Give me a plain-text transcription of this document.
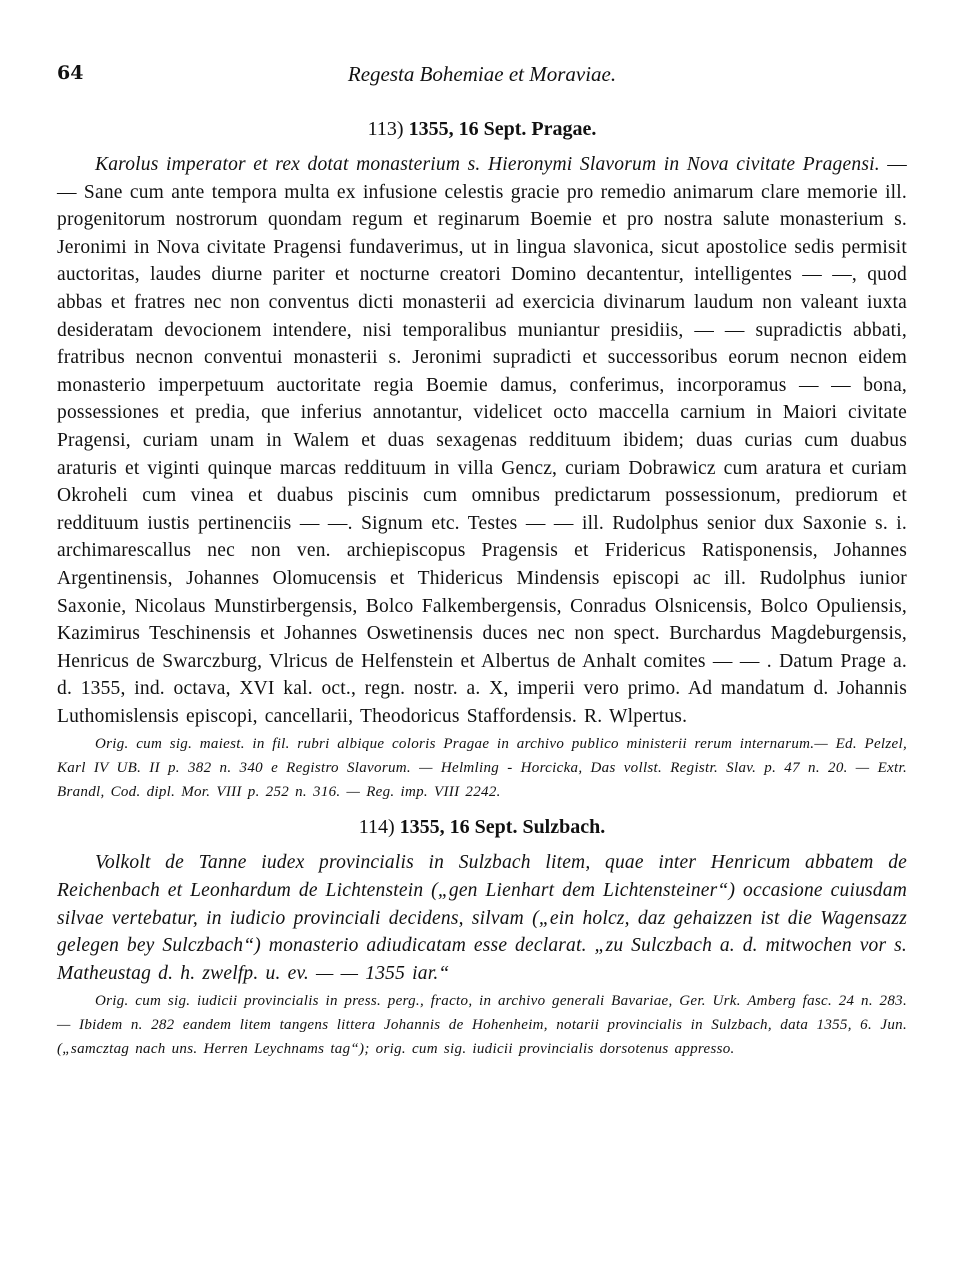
64	Regesta Bohemiae et Moraviae.
113) 1355, 16 Sept. Pragae.

Karolus imperator et rex dotat monasterium s. Hieronymi Slavorum in Nova civitate Pragensi. — — Sane cum ante tempora multa ex infusione celestis gracie pro remedio animarum clare memorie ill. progenitorum nostrorum quondam regum et reginarum Boemie et pro nostra salute monasterium s. Jeronimi in Nova civitate Pragensi fundaverimus, ut in lingua slavonica, sicut apostolice sedis permisit auctoritas, laudes diurne pariter et nocturne creatori Domino decantentur, intelligentes — —, quod abbas et fratres nec non conventus dicti monasterii ad exercicia divinarum laudum non valeant iuxta desideratam devocionem intendere, nisi temporalibus muniantur presidiis, — — supradictis abbati, fratribus necnon conventui monasterii s. Jeronimi supradicti et successoribus eorum necnon eidem monasterio imperpetuum auctoritate regia Boemie damus, conferimus, incorporamus — — bona, possessiones et predia, que inferius annotantur, videlicet octo maccella carnium in Maiori civitate Pragensi, curiam unam in Walem et duas sexagenas reddituum ibidem; duas curias cum duabus araturis et viginti quinque marcas reddituum in villa Gencz, curiam Dobrawicz cum aratura et curiam Okroheli cum vinea et duabus piscinis cum omnibus predictarum possessionum, prediorum et reddituum iustis pertinenciis — —. Signum etc. Testes — — ill. Rudolphus senior dux Saxonie s. i. archimarescallus nec non ven. archiepiscopus Pragensis et Fridericus Ratisponensis, Johannes Argentinensis, Johannes Olomucensis et Thidericus Mindensis episcopi ac ill. Rudolphus iunior Saxonie, Nicolaus Munstirbergensis, Bolco Falkembergensis, Conradus Olsnicensis, Bolco Opuliensis, Kazimirus Teschinensis et Johannes Oswetinensis duces nec non spect. Burchardus Magdeburgensis, Henricus de Swarczburg, Vlricus de Helfenstein et Albertus de Anhalt comites — — . Datum Prage a. d. 1355, ind. octava, XVI kal. oct., regn. nostr. a. X, imperii vero primo. Ad mandatum d. Johannis Luthomislensis episcopi, cancellarii, Theodoricus Staffordensis. R. Wlpertus.

Orig. cum sig. maiest. in fil. rubri albique coloris Pragae in archivo publico ministerii rerum internarum.— Ed. Pelzel, Karl IV UB. II p. 382 n. 340 e Registro Slavorum. — Helmling - Horcicka, Das vollst. Registr. Slav. p. 47 n. 20. — Extr. Brandl, Cod. dipl. Mor. VIII p. 252 n. 316. — Reg. imp. VIII 2242.

114) 1355, 16 Sept. Sulzbach.

Volkolt de Tanne iudex provincialis in Sulzbach litem, quae inter Henricum abbatem de Reichenbach et Leonhardum de Lichtenstein („gen Lienhart dem Lichtensteiner“) occasione cuiusdam silvae vertebatur, in iudicio provinciali decidens, silvam („ein holcz, daz gehaizzen ist die Wagensazz gelegen bey Sulczbach“) monasterio adiudicatam esse declarat. „zu Sulczbach a. d. mitwochen vor s. Matheustag d. h. zwelfp. u. ev. — — 1355 iar.“

Orig. cum sig. iudicii provincialis in press. perg., fracto, in archivo generali Bavariae, Ger. Urk. Amberg fasc. 24 n. 283. — Ibidem n. 282 eandem litem tangens littera Johannis de Hohenheim, notarii provincialis in Sulzbach, data 1355, 6. Jun. („samcztag nach uns. Herren Leychnams tag“); orig. cum sig. iudicii provincialis dorsotenus appresso.
